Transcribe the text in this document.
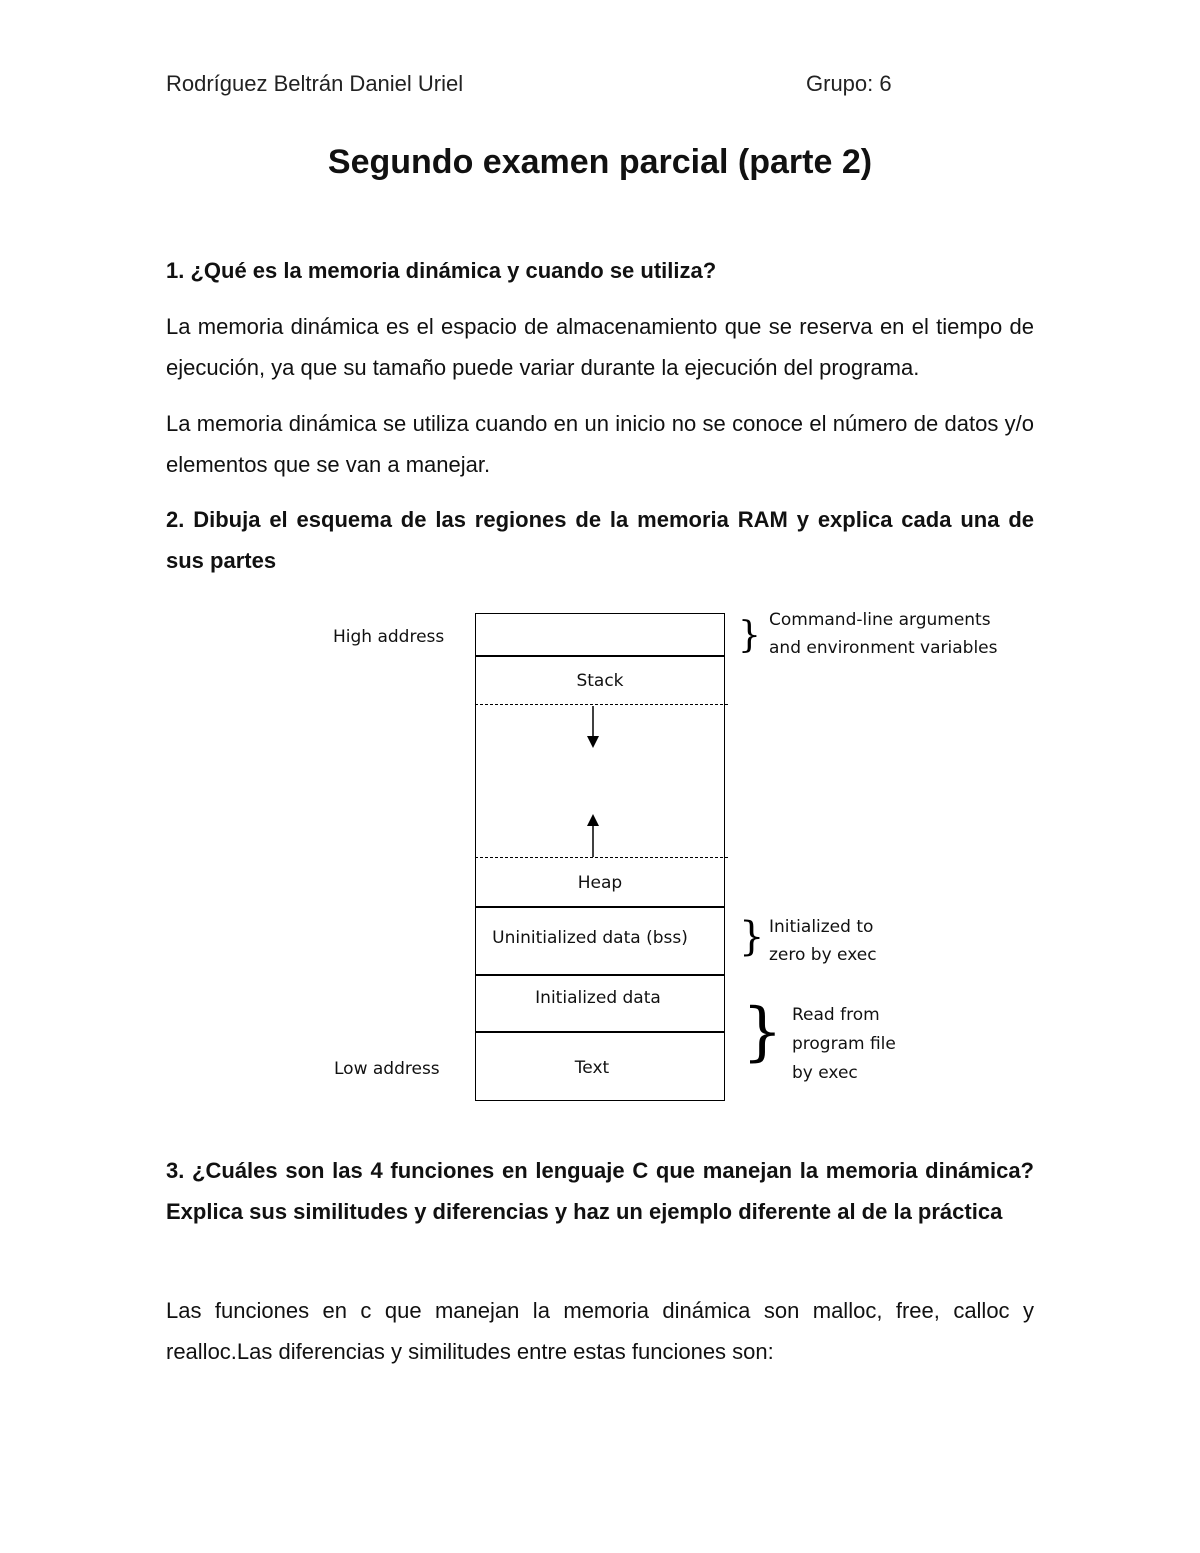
Rodríguez Beltrán Daniel Uriel	Grupo: 6
Segundo examen parcial (parte 2)
1. ¿Qué es la memoria dinámica y cuando se utiliza?
La memoria dinámica es el espacio de almacenamiento que se reserva en el tiempo de ejecución, ya que su tamaño puede variar durante la ejecución del programa.
La memoria dinámica se utiliza cuando en un inicio no se conoce el número de datos y/o elementos que se van a manejar.
2. Dibuja el esquema de las regiones de la memoria RAM y explica cada una de sus partes
Stack
Heap
Uninitialized data (bss)
Initialized data
Text
High address
Low address
}
}
}
Command-line arguments
and environment variables
Initialized to
zero by exec
Read from
program file
by exec
3. ¿Cuáles son las 4 funciones en lenguaje C que manejan la memoria dinámica? Explica sus similitudes y diferencias y haz un ejemplo diferente al de la práctica
Las funciones en c que manejan la memoria dinámica son malloc, free, calloc y realloc.Las diferencias y similitudes entre estas funciones son:
